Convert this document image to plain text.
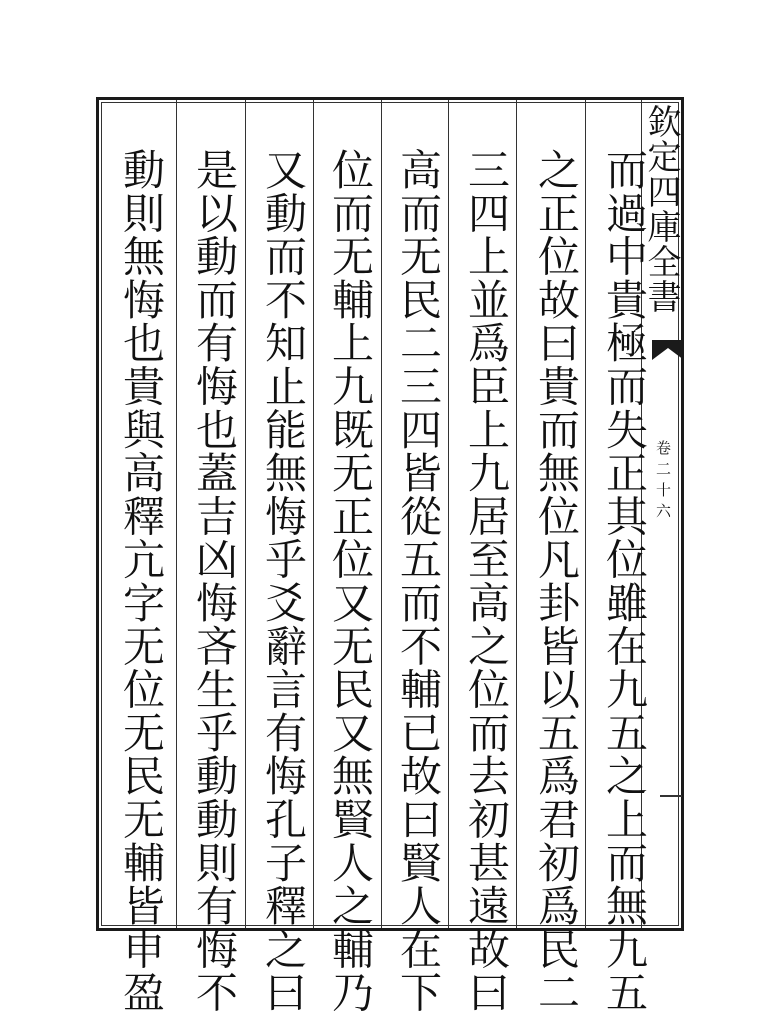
欽定四庫全書
卷二十六
而過中貴極而失正其位雖在九五之上而無九五
之正位故曰貴而無位凡卦皆以五爲君初爲民二
三四上並爲臣上九居至高之位而去初甚遠故曰
高而无民二三四皆從五而不輔已故曰賢人在下
位而无輔上九既无正位又无民又無賢人之輔乃
又動而不知止能無悔乎爻辭言有悔孔子釋之曰
是以動而有悔也蓋吉凶悔吝生乎動動則有悔不
動則無悔也貴與高釋亢字无位无民无輔皆申盈
